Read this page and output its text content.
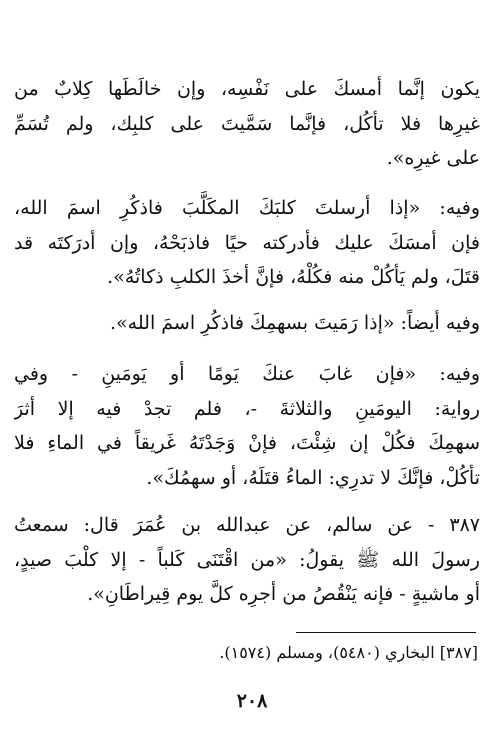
يكون إنَّما أمسكَ على نَفْسِه، وإن خالَطَها كِلابٌ من
غيرِها فلا تأكُل، فإنَّما سَمَّيتَ على كلبِك، ولم تُسَمِّ
على غيرِه».

وفيه: «إذا أرسلتَ كلبَكَ المكَلَّبَ فاذكُرِ اسمَ الله،
فإن أمسَكَ عليك فأدركته حيًا فاذبَحْهُ، وإن أدرَكتَه قد
قتَلَ، ولم يَأكُلْ منه فكُلْهُ، فإنَّ أخذَ الكلبِ ذكاتُهُ».

وفيه أيضاً: «إذا رَمَيتَ بسهمِكَ فاذكُرِ اسمَ الله».

وفيه: «فإن غابَ عنكَ يَومًا أو يَومَينِ - وفي
رواية: اليومَينِ والثلاثةَ -، فلم تجدْ فيه إلا أثرَ
سهمِكَ فكُلْ إن شِئْتَ، فإنْ وَجَدْتَهُ غَريقاً في الماءِ فلا
تأكُلْ، فإنَّكَ لا تدرِي: الماءُ قتَلَهُ، أو سهمُكَ».

٣٨٧ - عن سالم، عن عبدالله بن عُمَرَ قال: سمعتُ
رسولَ الله ﷺ يقولُ: «من اقْتَنَى كَلباً - إلا كلْبَ صيدٍ،
أو ماشيةٍ - فإنه يَنْقُصُ من أجرِه كلَّ يوم قِيراطَانِ».

[٣٨٧] البخاري (٥٤٨٠)، ومسلم (١٥٧٤).

٢٠٨
